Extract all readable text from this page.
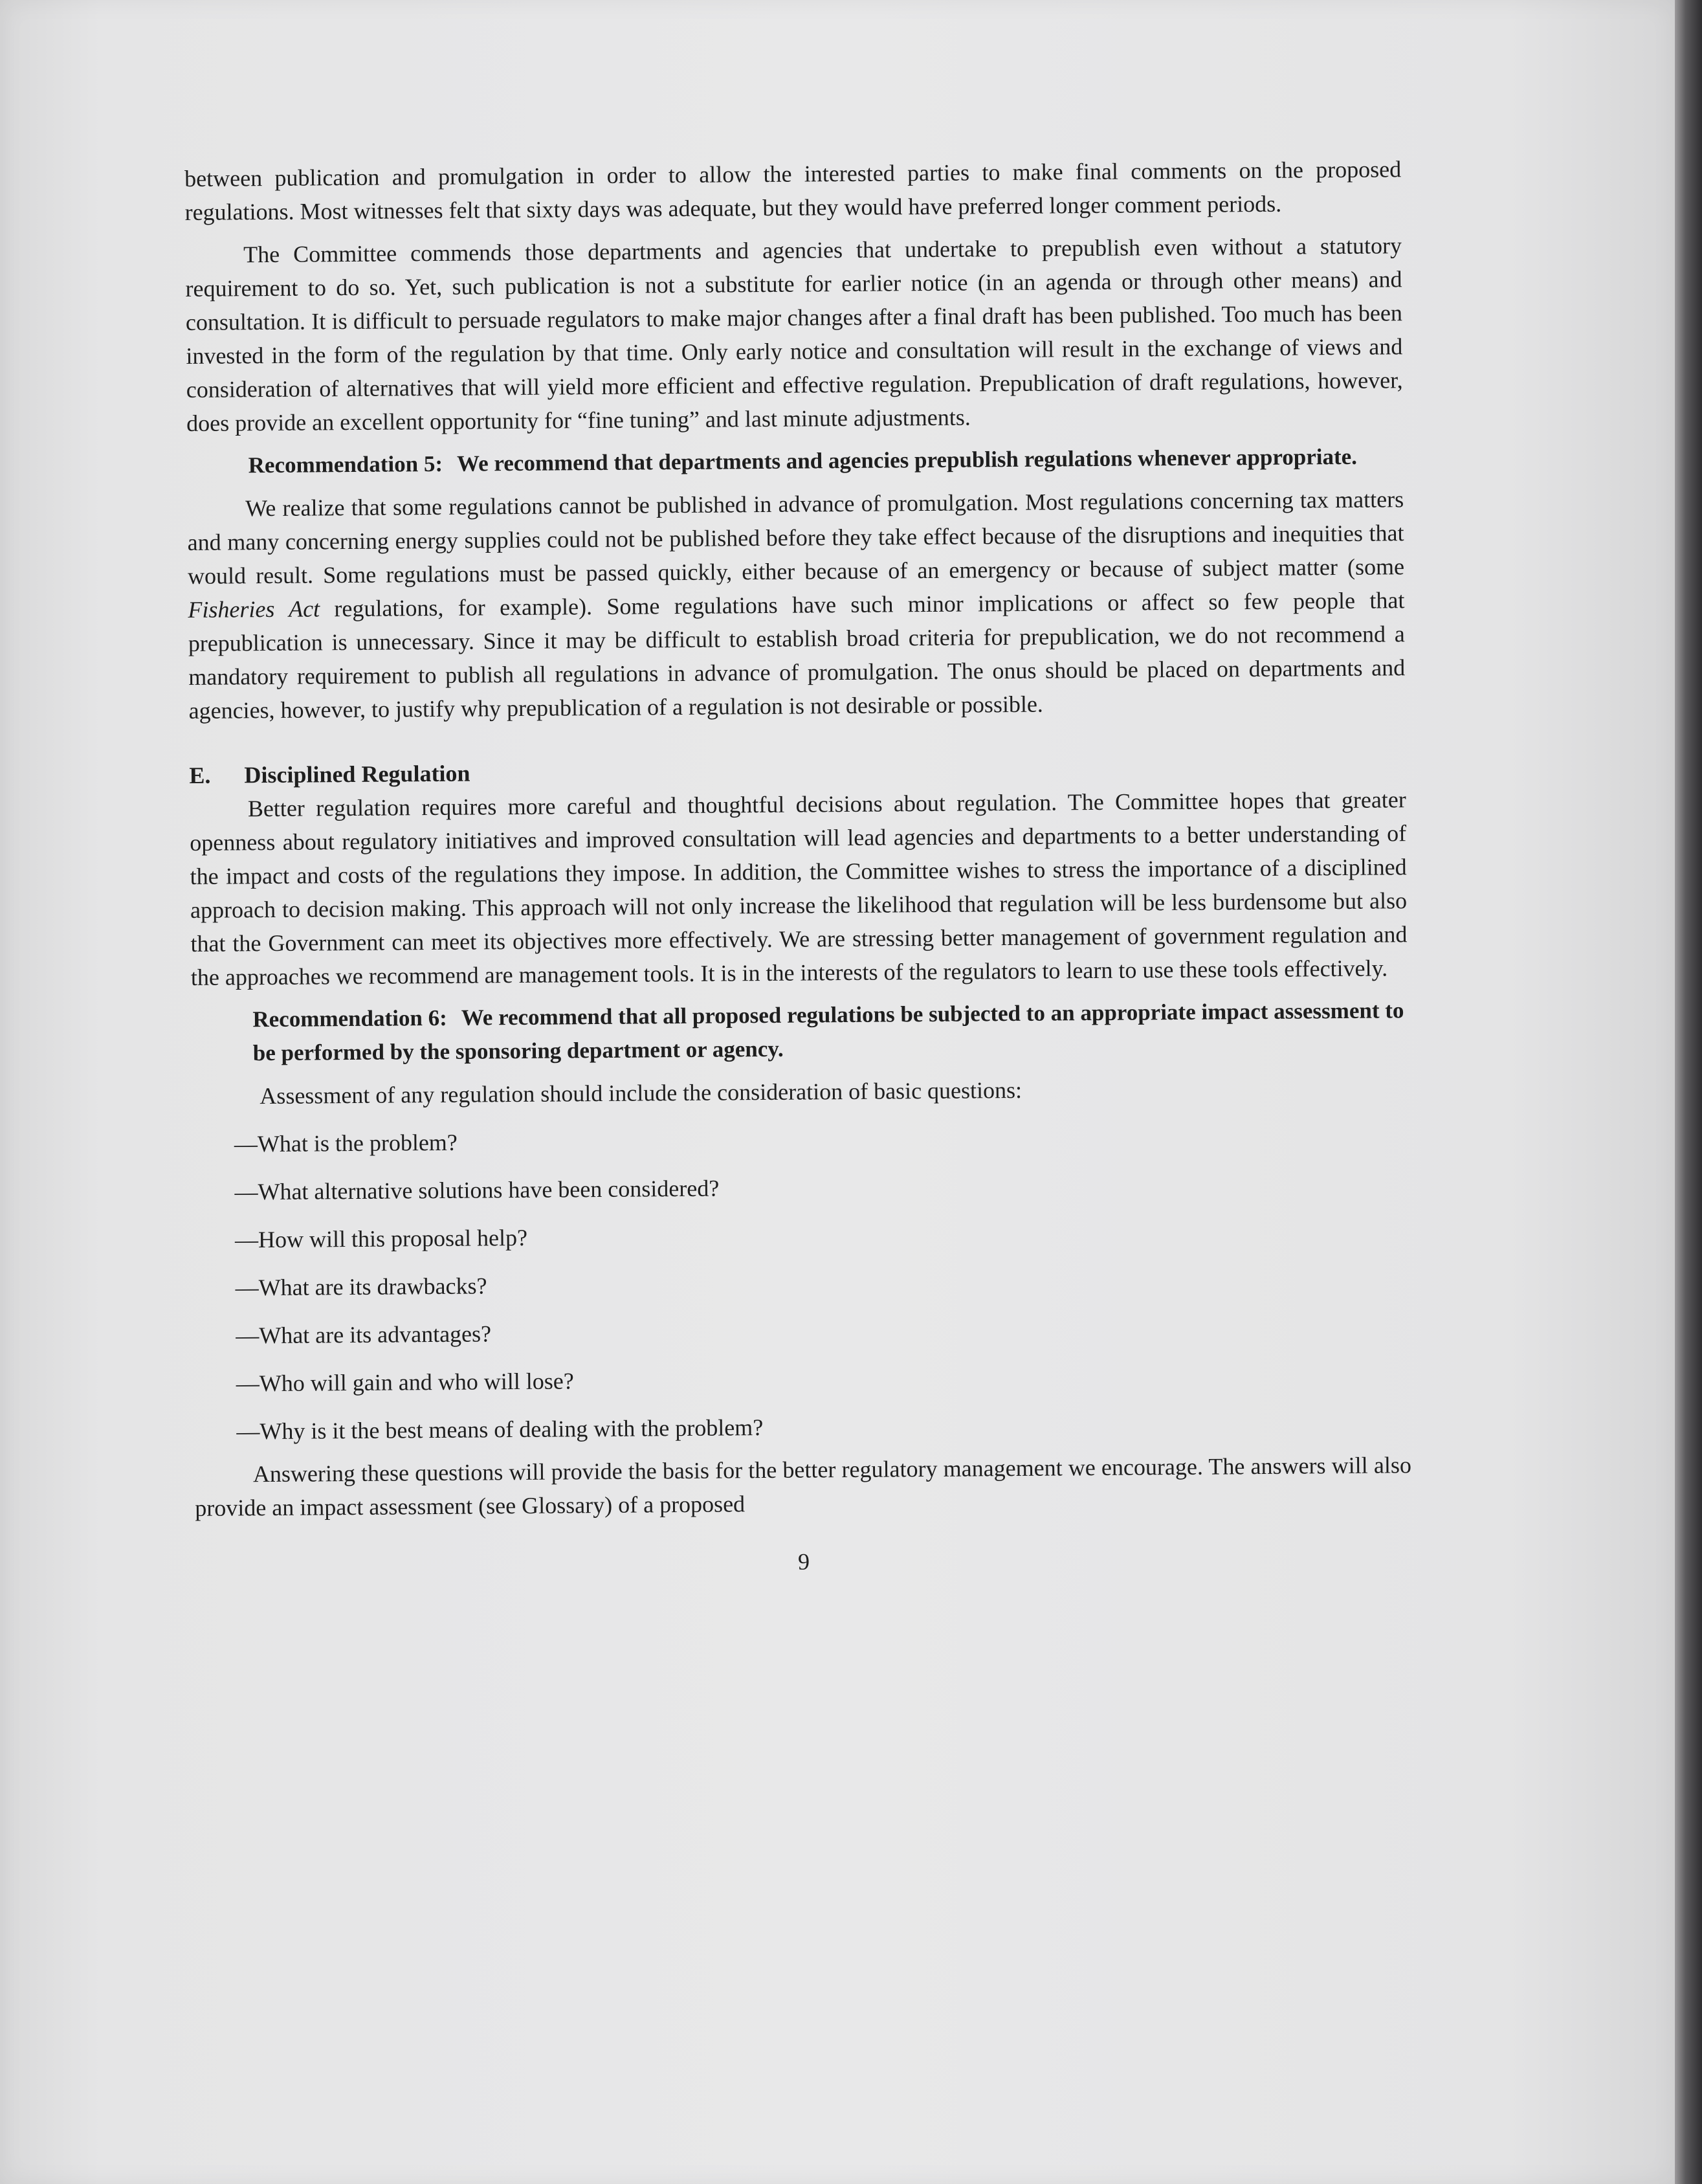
between publication and promulgation in order to allow the interested parties to make final comments on the proposed regulations. Most witnesses felt that sixty days was adequate, but they would have preferred longer comment periods.

The Committee commends those departments and agencies that undertake to prepublish even without a statutory requirement to do so. Yet, such publication is not a substitute for earlier notice (in an agenda or through other means) and consultation. It is difficult to persuade regulators to make major changes after a final draft has been published. Too much has been invested in the form of the regulation by that time. Only early notice and consultation will result in the exchange of views and consideration of alternatives that will yield more efficient and effective regulation. Prepublication of draft regulations, however, does provide an excellent opportunity for “fine tuning” and last minute adjustments.

Recommendation 5: We recommend that departments and agencies prepublish regulations whenever appropriate.

We realize that some regulations cannot be published in advance of promulgation. Most regulations concerning tax matters and many concerning energy supplies could not be published before they take effect because of the disruptions and inequities that would result. Some regulations must be passed quickly, either because of an emergency or because of subject matter (some Fisheries Act regulations, for example). Some regulations have such minor implications or affect so few people that prepublication is unnecessary. Since it may be difficult to establish broad criteria for prepublication, we do not recommend a mandatory requirement to publish all regulations in advance of promulgation. The onus should be placed on departments and agencies, however, to justify why prepublication of a regulation is not desirable or possible.

E. Disciplined Regulation

Better regulation requires more careful and thoughtful decisions about regulation. The Committee hopes that greater openness about regulatory initiatives and improved consultation will lead agencies and departments to a better understanding of the impact and costs of the regulations they impose. In addition, the Committee wishes to stress the importance of a disciplined approach to decision making. This approach will not only increase the likelihood that regulation will be less burdensome but also that the Government can meet its objectives more effectively. We are stressing better management of government regulation and the approaches we recommend are management tools. It is in the interests of the regulators to learn to use these tools effectively.

Recommendation 6: We recommend that all proposed regulations be subjected to an appropriate impact assessment to be performed by the sponsoring department or agency.

Assessment of any regulation should include the consideration of basic questions:

—What is the problem?
—What alternative solutions have been considered?
—How will this proposal help?
—What are its drawbacks?
—What are its advantages?
—Who will gain and who will lose?
—Why is it the best means of dealing with the problem?

Answering these questions will provide the basis for the better regulatory management we encourage. The answers will also provide an impact assessment (see Glossary) of a proposed

9
